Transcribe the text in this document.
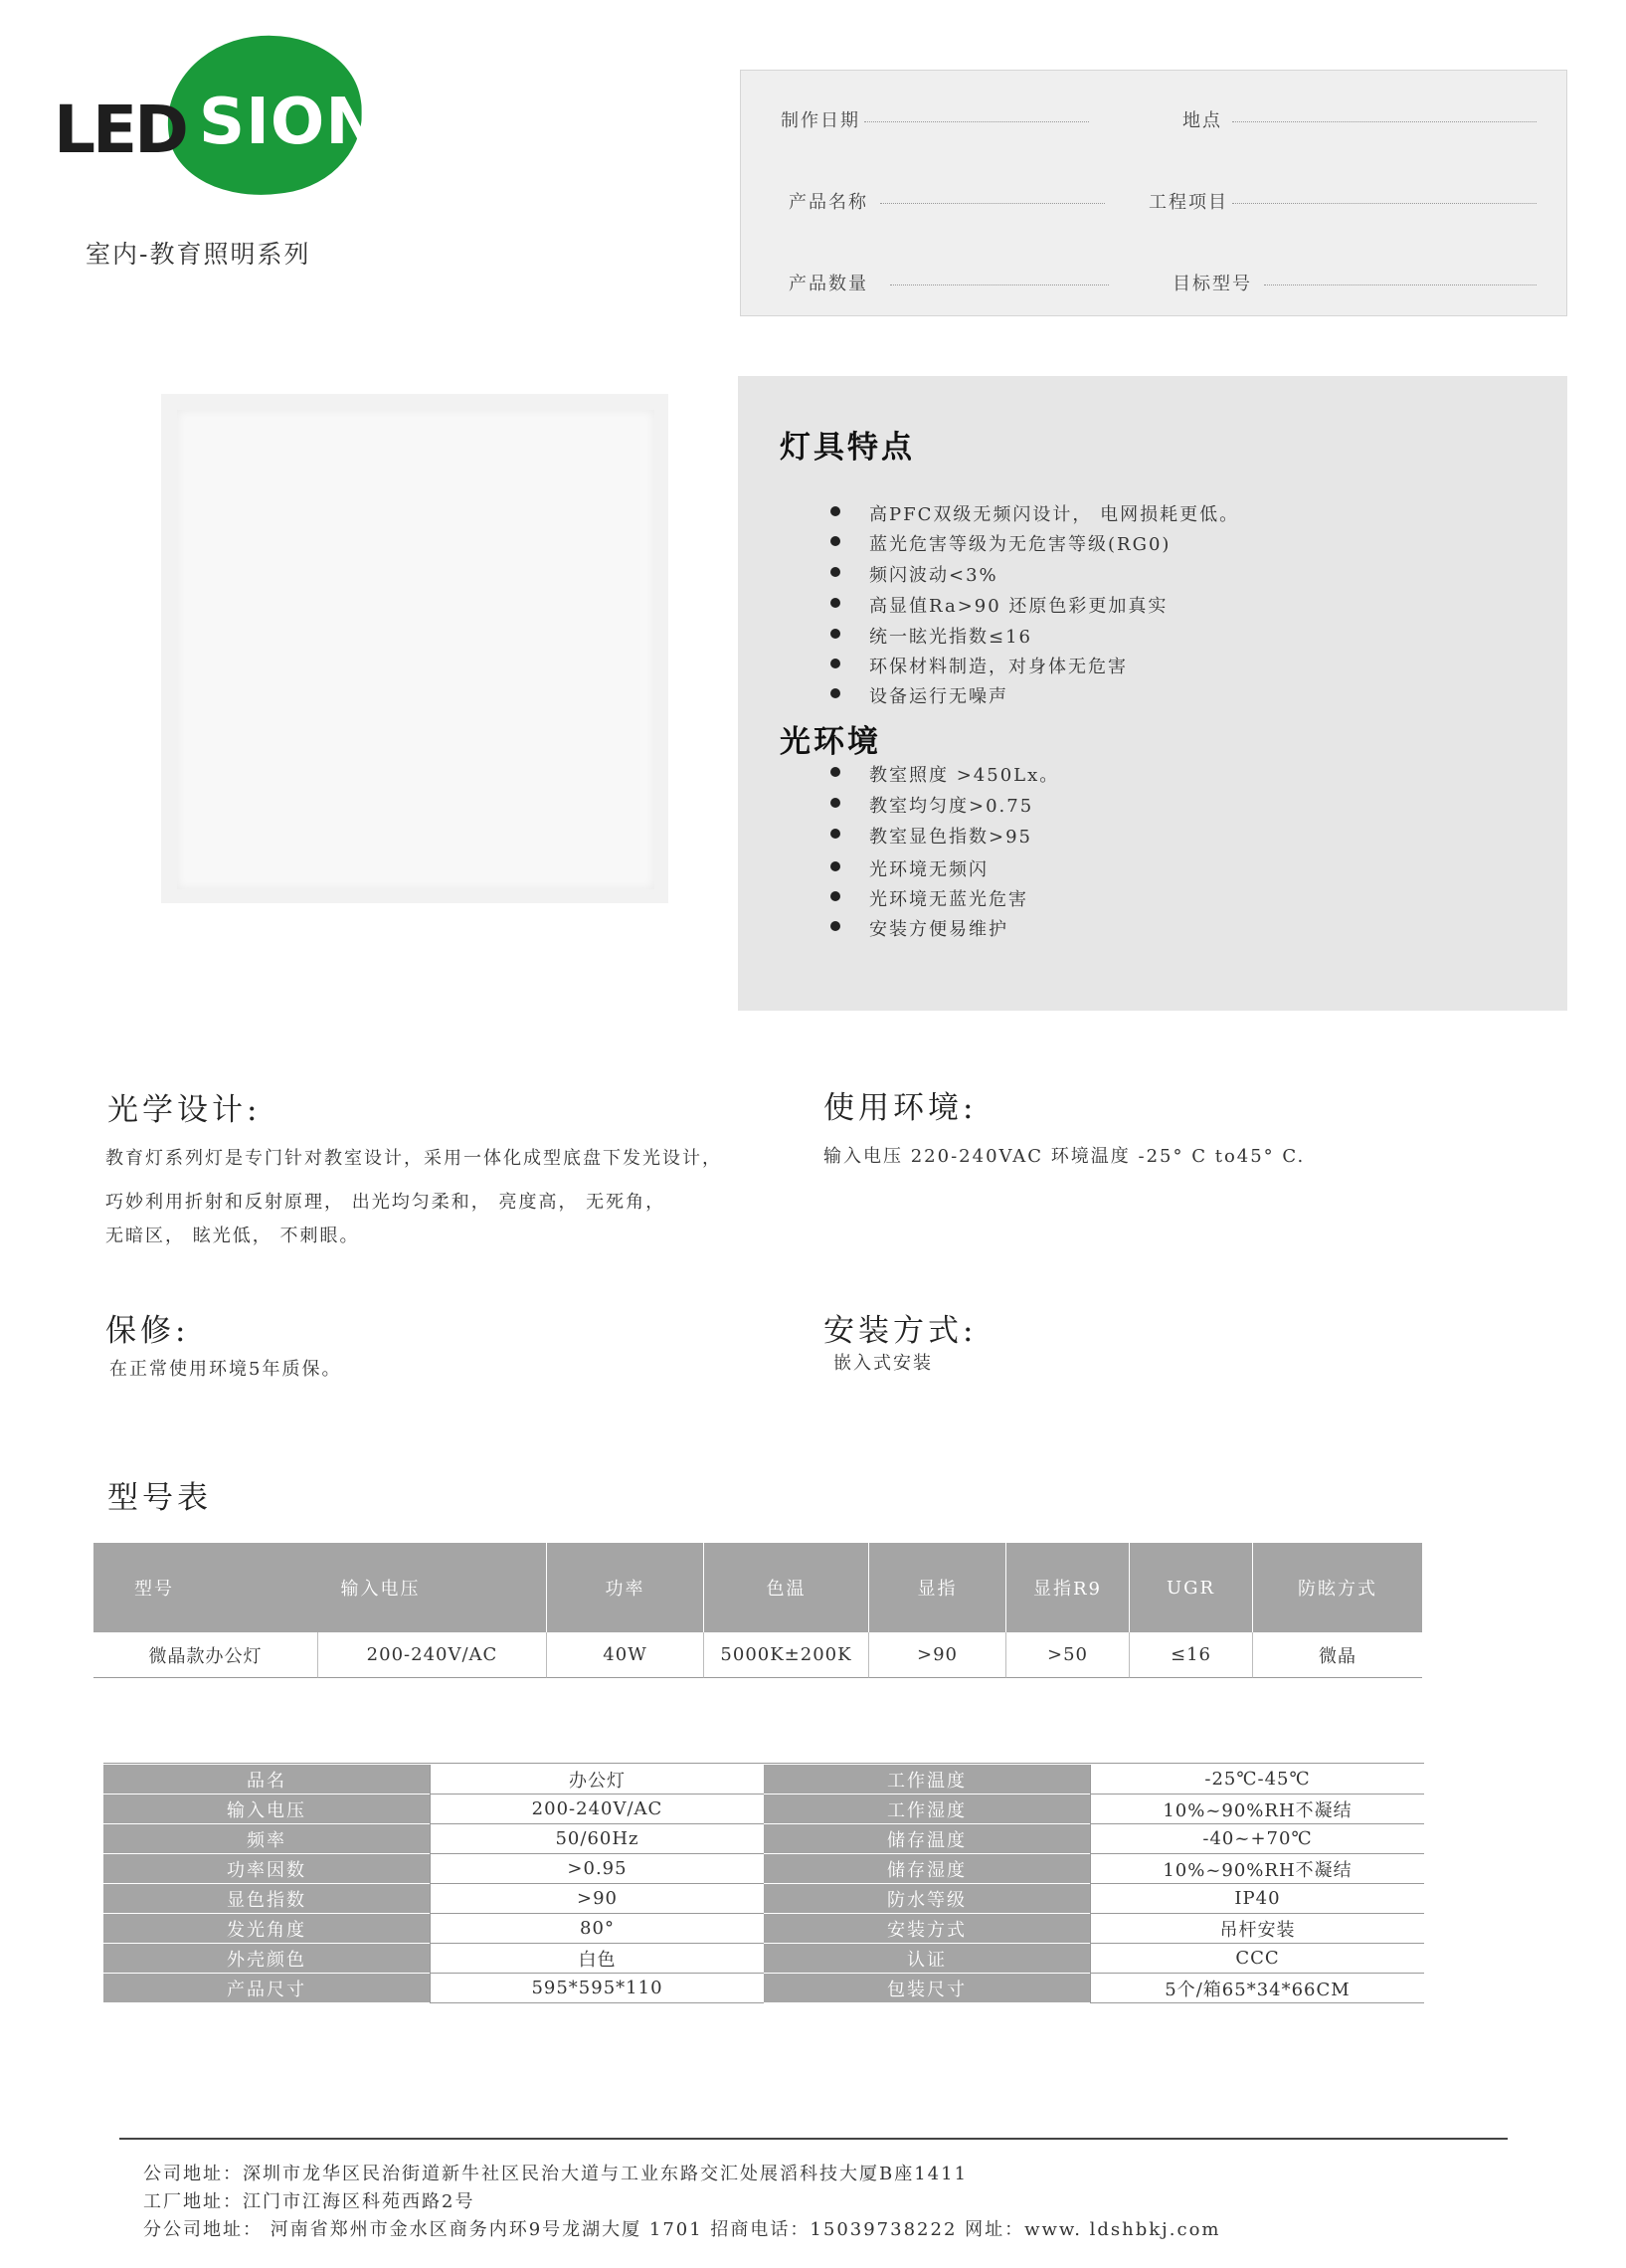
LED SION
室内-教育照明系列
制作日期	地点
产品名称	工程项目
产品数量	目标型号
灯具特点
高PFC双级无频闪设计， 电网损耗更低。
蓝光危害等级为无危害等级(RG0)
频闪波动<3%
高显值Ra>90 还原色彩更加真实
统一眩光指数≤16
环保材料制造，对身体无危害
设备运行无噪声
光环境
教室照度 >450Lx。
教室均匀度>0.75
教室显色指数>95
光环境无频闪
光环境无蓝光危害
安装方便易维护
光学设计:
教育灯系列灯是专门针对教室设计，采用一体化成型底盘下发光设计，
巧妙利用折射和反射原理， 出光均匀柔和， 亮度高， 无死角，
无暗区， 眩光低， 不刺眼。
使用环境:
输入电压 220-240VAC 环境温度 -25° C to45° C.
保修:
在正常使用环境5年质保。
安装方式:
嵌入式安装
型号表
型号	输入电压	功率	色温	显指	显指R9	UGR	防眩方式
微晶款办公灯	200-240V/AC	40W	5000K±200K	>90	>50	≤16	微晶
品名	办公灯	工作温度	-25℃-45℃
输入电压	200-240V/AC	工作湿度	10%~90%RH不凝结
频率	50/60Hz	储存温度	-40~+70℃
功率因数	>0.95	储存湿度	10%~90%RH不凝结
显色指数	>90	防水等级	IP40
发光角度	80°	安装方式	吊杆安装
外壳颜色	白色	认证	CCC
产品尺寸	595*595*110	包装尺寸	5个/箱65*34*66CM
公司地址：深圳市龙华区民治街道新牛社区民治大道与工业东路交汇处展滔科技大厦B座1411
工厂地址：江门市江海区科苑西路2号
分公司地址： 河南省郑州市金水区商务内环9号龙湖大厦 1701 招商电话：15039738222 网址：www. ldshbkj.com
